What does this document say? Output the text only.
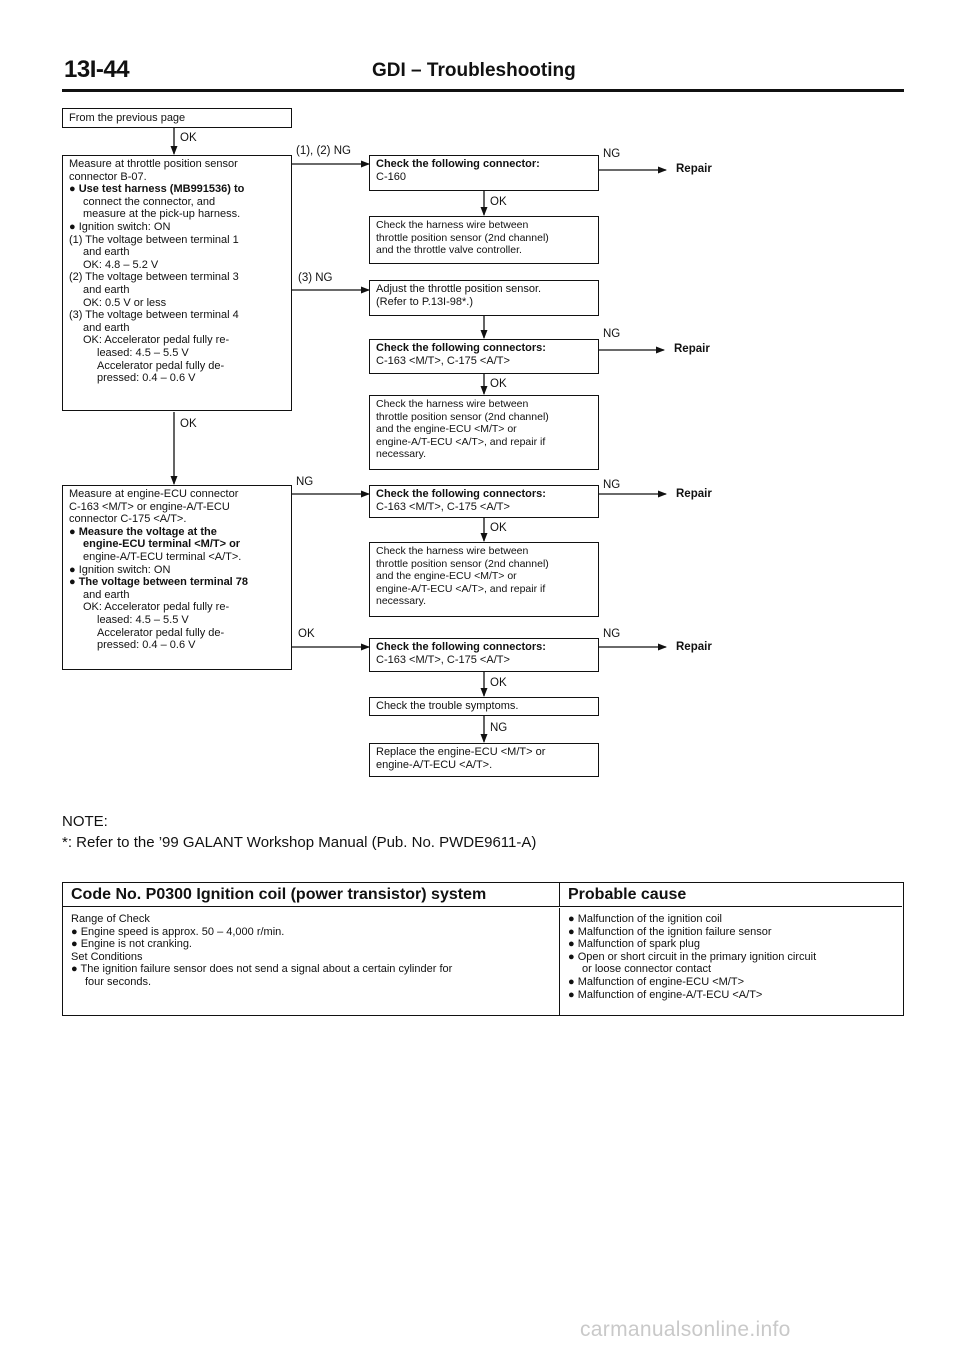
13I-44	GDI – Troubleshooting
From the previous page
Measure at throttle position sensor
connector B-07.
● Use test harness (MB991536) to
connect the connector, and
measure at the pick-up harness.
● Ignition switch: ON
(1) The voltage between terminal 1
and earth
OK: 4.8 – 5.2 V
(2) The voltage between terminal 3
and earth
OK: 0.5 V or less
(3) The voltage between terminal 4
and earth
OK: Accelerator pedal fully re-
leased: 4.5 – 5.5 V
Accelerator pedal fully de-
pressed: 0.4 – 0.6 V
Check the following connector:
C-160
Check the harness wire between
throttle position sensor (2nd channel)
and the throttle valve controller.
Adjust the throttle position sensor.
(Refer to P.13I-98*.)
Check the following connectors:
C-163 <M/T>, C-175 <A/T>
Check the harness wire between
throttle position sensor (2nd channel)
and the engine-ECU <M/T> or
engine-A/T-ECU <A/T>, and repair if
necessary.
Measure at engine-ECU connector
C-163 <M/T> or engine-A/T-ECU
connector C-175 <A/T>.
● Measure the voltage at the
engine-ECU terminal <M/T> or
engine-A/T-ECU terminal <A/T>.
● Ignition switch: ON
● The voltage between terminal 78
and earth
OK: Accelerator pedal fully re-
leased: 4.5 – 5.5 V
Accelerator pedal fully de-
pressed: 0.4 – 0.6 V
Check the following connectors:
C-163 <M/T>, C-175 <A/T>
Check the harness wire between
throttle position sensor (2nd channel)
and the engine-ECU <M/T> or
engine-A/T-ECU <A/T>, and repair if
necessary.
Check the following connectors:
C-163 <M/T>, C-175 <A/T>
Check the trouble symptoms.
Replace the engine-ECU <M/T> or
engine-A/T-ECU <A/T>.
OK
(1), (2) NG	NG
Repair
OK
(3) NG
NG
Repair
OK
OK
NG	NG
Repair
OK
OK	NG
Repair
OK
NG
NOTE:
*: Refer to the ’99 GALANT Workshop Manual (Pub. No. PWDE9611-A)
Code No. P0300 Ignition coil (power transistor) system	Probable cause
Range of Check
● Engine speed is approx. 50 – 4,000 r/min.
● Engine is not cranking.
Set Conditions
● The ignition failure sensor does not send a signal about a certain cylinder for
four seconds.
● Malfunction of the ignition coil
● Malfunction of the ignition failure sensor
● Malfunction of spark plug
● Open or short circuit in the primary ignition circuit
or loose connector contact
● Malfunction of engine-ECU <M/T>
● Malfunction of engine-A/T-ECU <A/T>
carmanualsonline.info
